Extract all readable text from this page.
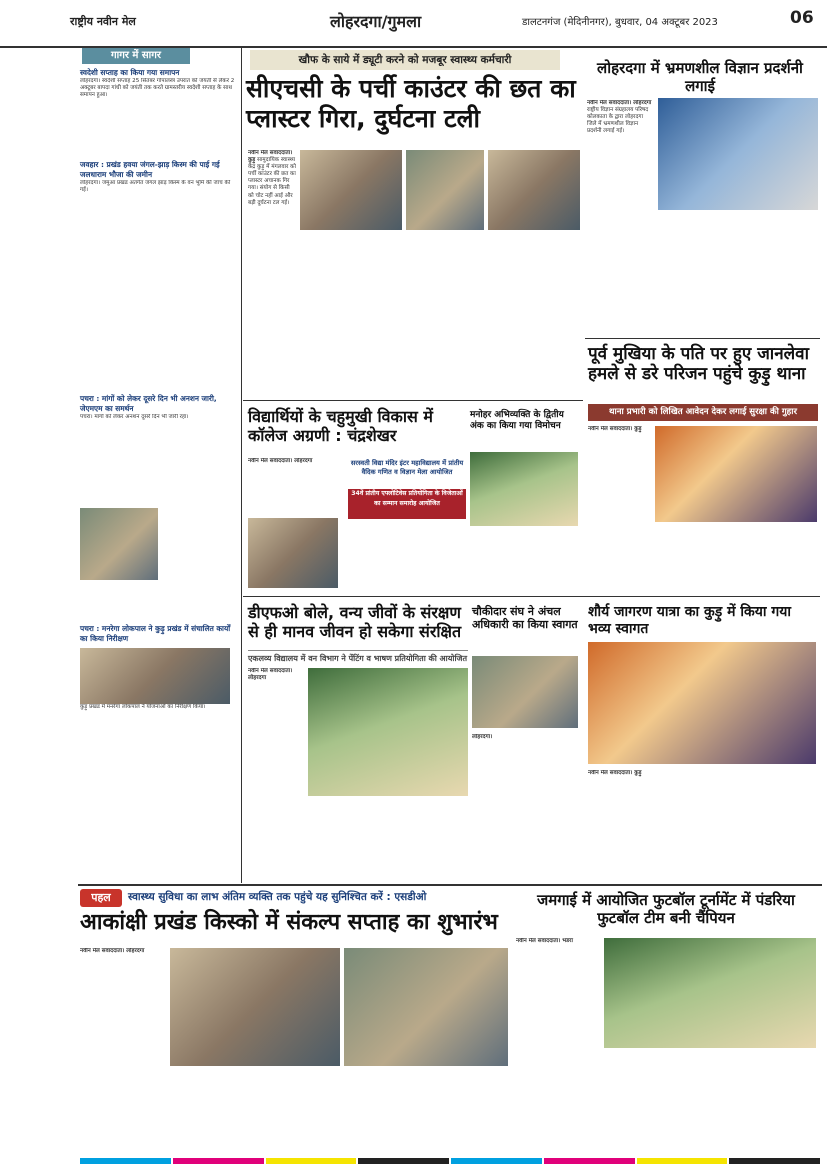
राष्ट्रीय नवीन मेल	लोहरदगा/गुमला	डालटनगंज (मेदिनीनगर), बुधवार, 04 अक्टूबर 2023	06
गागर में सागर
स्वदेशी सप्ताह का किया गया समापन
लोहरदगा। स्वदेशी सप्ताह 25 सितंबर गोपालस्त्र उपरांत को जयंती से लेकर 2 अक्टूबर बापदा गांधी को जयंती तक करते ग्रामस्तरीय स्वदेशी सप्ताह के साथ समापन हुआ।
जवहार : प्रखंड हवया जंगल-झाड़ किस्म की पाई गई जलधाराम भौजा की जमीन
लोहरदगा। जमुआ प्रखंड अंतर्गत जंगल झाड़ किस्म के वन भूमि की जांच की गई।
पचरा : मांगों को लेकर दूसरे दिन भी अनशन जारी, जेएमएम का समर्थन
पचरा। मांगों को लेकर अनशन दूसरे दिन भी जारी रहा।
पचरा : मनरेगा लोकपाल ने कुड़ु प्रखंड में संचालित कार्यों का किया निरीक्षण
कुड़ु प्रखंड में मनरेगा लोकपाल ने योजनाओं का निरीक्षण किया।
खौफ के साये में ड्यूटी करने को मजबूर स्वास्थ्य कर्मचारी
सीएचसी के पर्ची काउंटर की छत का प्लास्टर गिरा, दुर्घटना टली
नवीन मेल संवाददाता। कुड़ु सामुदायिक स्वास्थ्य केंद्र कुड़ु में मंगलवार को पर्ची काउंटर की छत का प्लास्टर अचानक गिर गया। संयोग से किसी को चोट नहीं आई और बड़ी दुर्घटना टल गई।
लोहरदगा में भ्रमणशील विज्ञान प्रदर्शनी लगाई
नवीन मेल संवाददाता। लोहरदगा राष्ट्रीय विज्ञान संग्रहालय परिषद कोलकाता के द्वारा लोहरदगा जिले में भ्रमणशील विज्ञान प्रदर्शनी लगाई गई।
विद्यार्थियों के चहुमुखी विकास में कॉलेज अग्रणी : चंद्रशेखर
सरस्वती विद्या मंदिर इंटर महाविद्यालय में प्रांतीय वैदिक गणित व विज्ञान मेला आयोजित
34वें प्रांतीय एफ्लोटिवेस प्रतियोगिता के विजेताओं का सम्मान समारोह आयोजित
नवीन मेल संवाददाता। लोहरदगा
मनोहर अभिव्यक्ति के द्वितीय अंक का किया गया विमोचन
पूर्व मुखिया के पति पर हुए जानलेवा हमले से डरे परिजन पहुंचे कुड़ु थाना
थाना प्रभारी को लिखित आवेदन देकर लगाई सुरक्षा की गुहार
नवीन मेल संवाददाता। कुड़ु
डीएफओ बोले, वन्य जीवों के संरक्षण से ही मानव जीवन हो सकेगा संरक्षित
एकलव्य विद्यालय में वन विभाग ने पेंटिंग व भाषण प्रतियोगिता की आयोजित
नवीन मेल संवाददाता। लोहरदगा
चौकीदार संघ ने अंचल अधिकारी का किया स्वागत
लोहरदगा।
शौर्य जागरण यात्रा का कुड़ु में किया गया भव्य स्वागत
नवीन मेल संवाददाता। कुड़ु
पहल	स्वास्थ्य सुविधा का लाभ अंतिम व्यक्ति तक पहुंचे यह सुनिश्चित करें : एसडीओ
आकांक्षी प्रखंड किस्को में संकल्प सप्ताह का शुभारंभ
नवीन मेल संवाददाता। लोहरदगा
जमगाई में आयोजित फुटबॉल टूर्नामेंट में पंडरिया फुटबॉल टीम बनी चैंपियन
नवीन मेल संवाददाता। भंडरा
